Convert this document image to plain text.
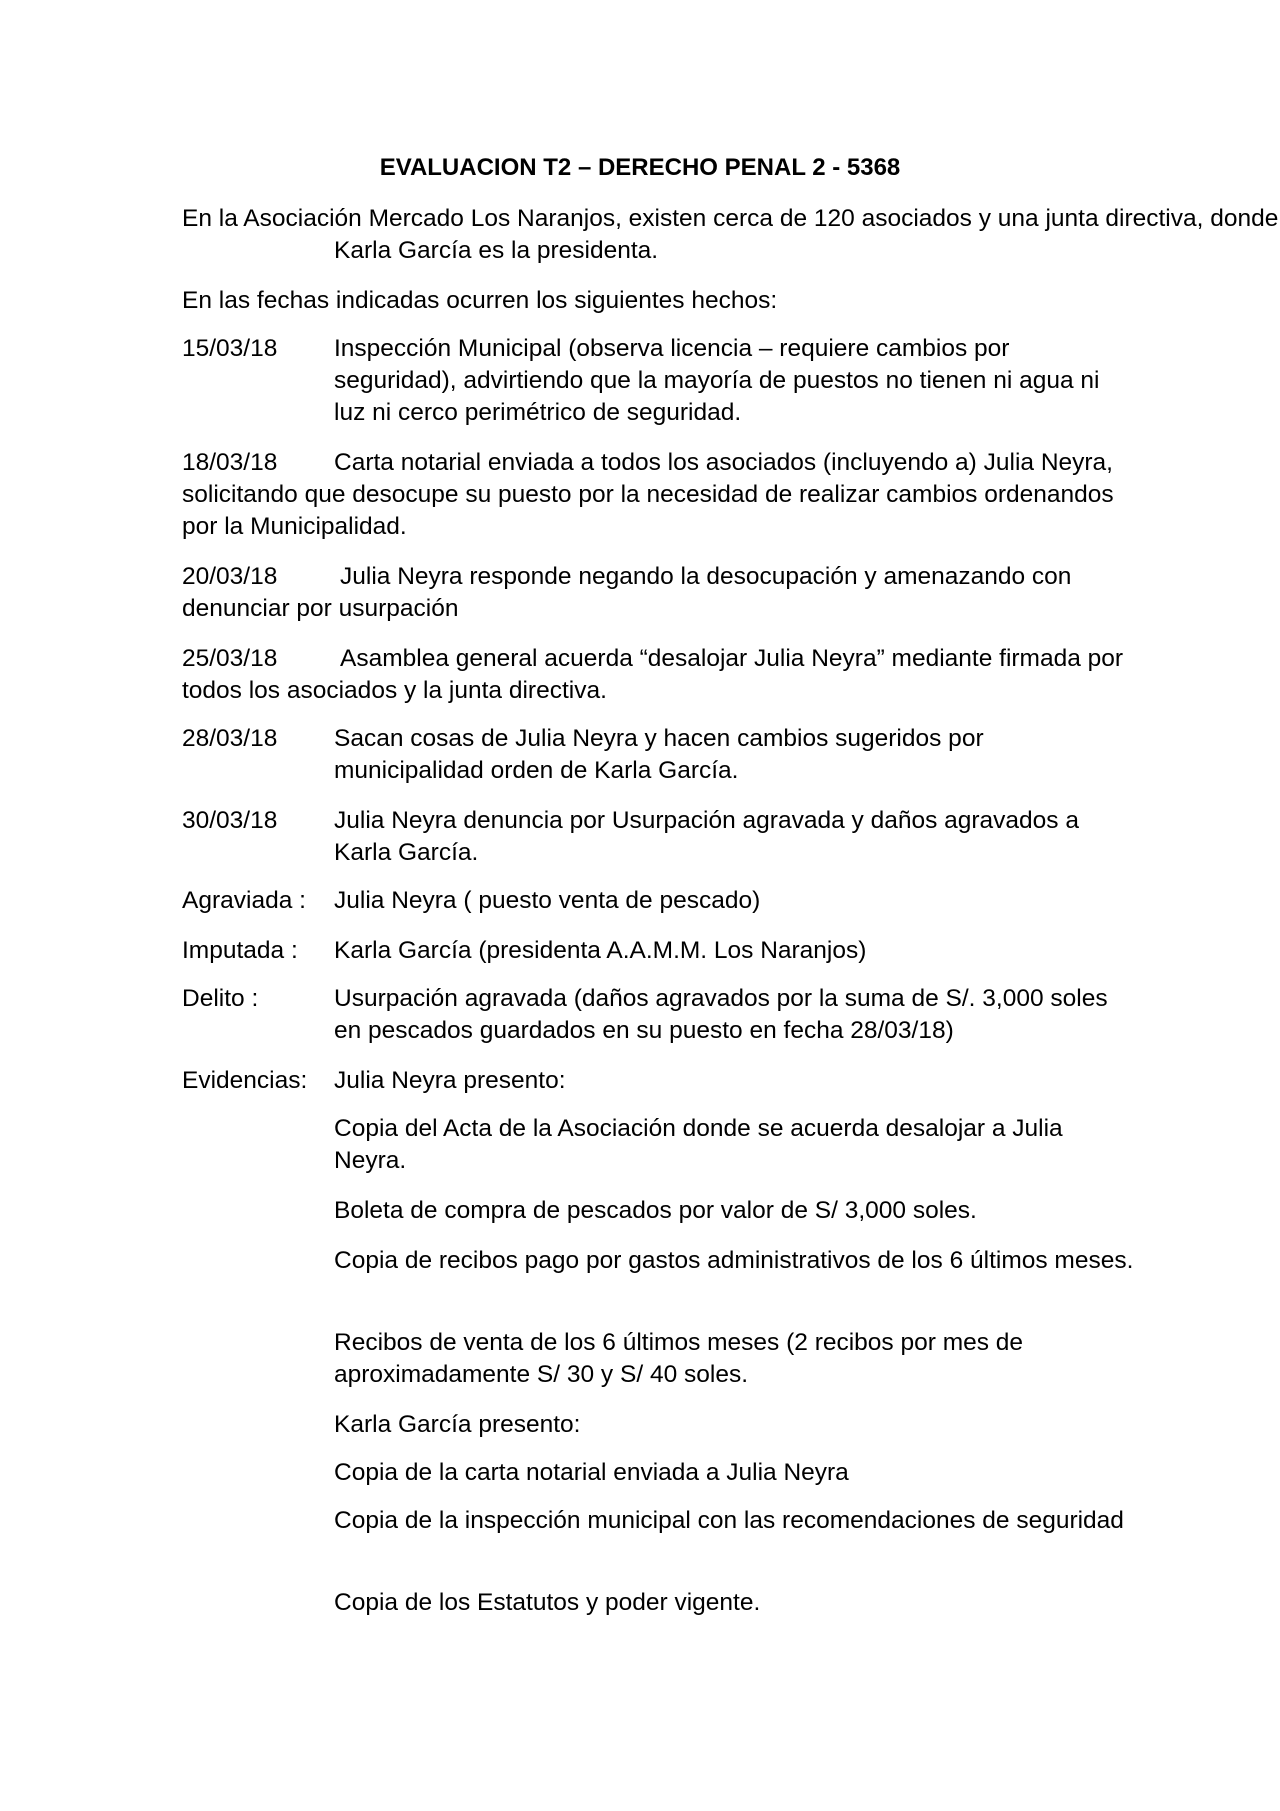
EVALUACION T2 – DERECHO PENAL 2 - 5368
En la Asociación Mercado Los Naranjos, existen cerca de 120 asociados y una junta directiva, donde Karla García es la presidenta.
En las fechas indicadas ocurren los siguientes hechos:
15/03/18	Inspección Municipal (observa licencia – requiere cambios por seguridad), advirtiendo que la mayoría de puestos no tienen ni agua ni luz ni cerco perimétrico de seguridad.
18/03/18 Carta notarial enviada a todos los asociados (incluyendo a) Julia Neyra, solicitando que desocupe su puesto por la necesidad de realizar cambios ordenandos por la Municipalidad.
20/03/18	Julia Neyra responde negando la desocupación y amenazando con denunciar por usurpación
25/03/18	Asamblea general acuerda “desalojar Julia Neyra” mediante firmada por todos los asociados y la junta directiva.
28/03/18	Sacan cosas de Julia Neyra y hacen cambios sugeridos por municipalidad orden de Karla García.
30/03/18	Julia Neyra denuncia por Usurpación agravada y daños agravados a Karla García.
Agraviada :	Julia Neyra ( puesto venta de pescado)
Imputada :	Karla García (presidenta A.A.M.M. Los Naranjos)
Delito :	Usurpación agravada (daños agravados por la suma de S/. 3,000 soles en pescados guardados en su puesto en fecha 28/03/18)
Evidencias:	Julia Neyra presento:
Copia del Acta de la Asociación donde se acuerda desalojar a Julia Neyra.
Boleta de compra de pescados por valor de S/ 3,000 soles.
Copia de recibos pago por gastos administrativos de los 6 últimos meses.
Recibos de venta de los 6 últimos meses (2 recibos por mes de aproximadamente S/ 30 y S/ 40 soles.
Karla García presento:
Copia de la carta notarial enviada a Julia Neyra
Copia de la inspección municipal con las recomendaciones de seguridad
Copia de los Estatutos y poder vigente.
